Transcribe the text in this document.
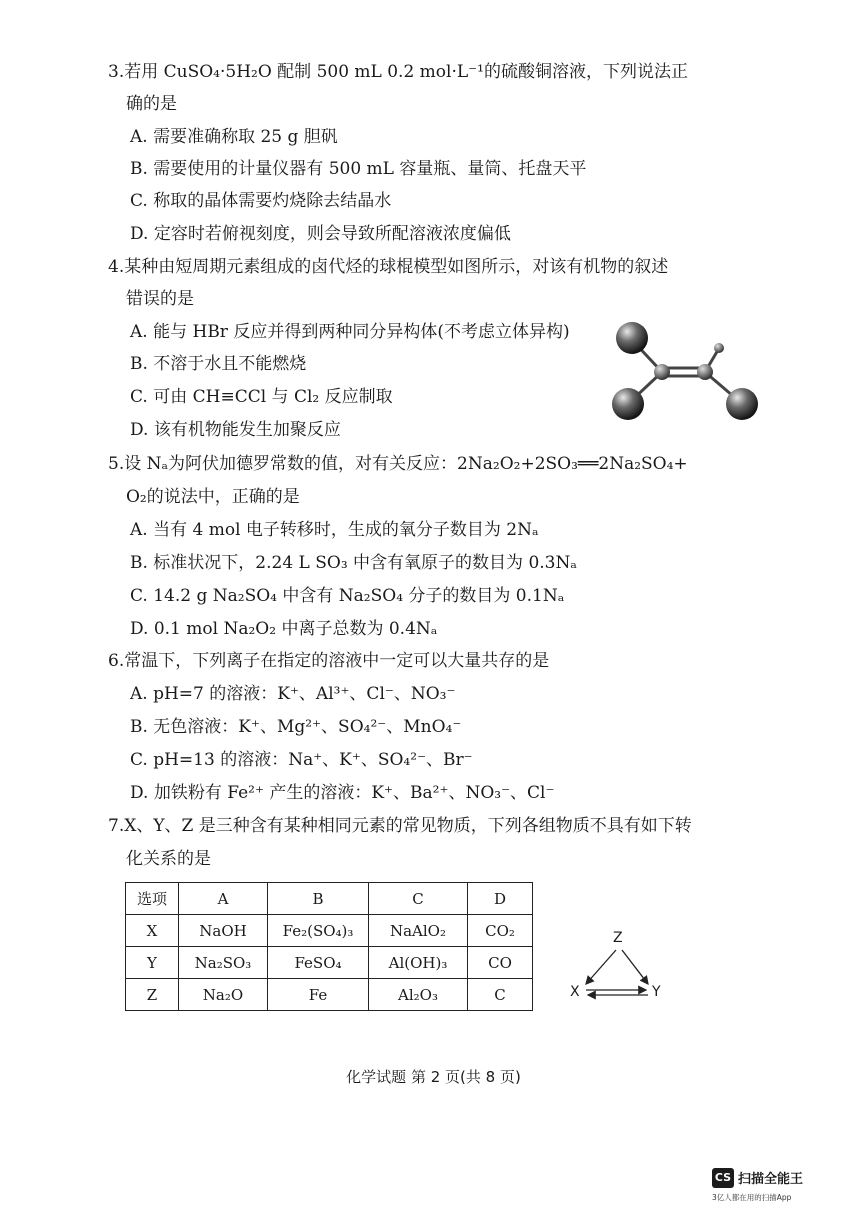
3.若用 CuSO₄·5H₂O 配制 500 mL 0.2 mol·L⁻¹的硫酸铜溶液，下列说法正
确的是
A. 需要准确称取 25 g 胆矾
B. 需要使用的计量仪器有 500 mL 容量瓶、量筒、托盘天平
C. 称取的晶体需要灼烧除去结晶水
D. 定容时若俯视刻度，则会导致所配溶液浓度偏低
4.某种由短周期元素组成的卤代烃的球棍模型如图所示，对该有机物的叙述
错误的是
A. 能与 HBr 反应并得到两种同分异构体(不考虑立体异构)
B. 不溶于水且不能燃烧
C. 可由 CH≡CCl 与 Cl₂ 反应制取
D. 该有机物能发生加聚反应
5.设 Nₐ为阿伏加德罗常数的值，对有关反应：2Na₂O₂+2SO₃══2Na₂SO₄+
O₂的说法中，正确的是
A. 当有 4 mol 电子转移时，生成的氧分子数目为 2Nₐ
B. 标准状况下，2.24 L SO₃ 中含有氧原子的数目为 0.3Nₐ
C. 14.2 g Na₂SO₄ 中含有 Na₂SO₄ 分子的数目为 0.1Nₐ
D. 0.1 mol Na₂O₂ 中离子总数为 0.4Nₐ
6.常温下，下列离子在指定的溶液中一定可以大量共存的是
A. pH=7 的溶液：K⁺、Al³⁺、Cl⁻、NO₃⁻
B. 无色溶液：K⁺、Mg²⁺、SO₄²⁻、MnO₄⁻
C. pH=13 的溶液：Na⁺、K⁺、SO₄²⁻、Br⁻
D. 加铁粉有 Fe²⁺ 产生的溶液：K⁺、Ba²⁺、NO₃⁻、Cl⁻
7.X、Y、Z 是三种含有某种相同元素的常见物质，下列各组物质不具有如下转
化关系的是
选项	A	B	C	D
X	NaOH	Fe₂(SO₄)₃	NaAlO₂	CO₂
Y	Na₂SO₃	FeSO₄	Al(OH)₃	CO
Z	Na₂O	Fe	Al₂O₃	C
Z
X	Y
化学试题 第 2 页(共 8 页)
CS 扫描全能王
3亿人都在用的扫描App
